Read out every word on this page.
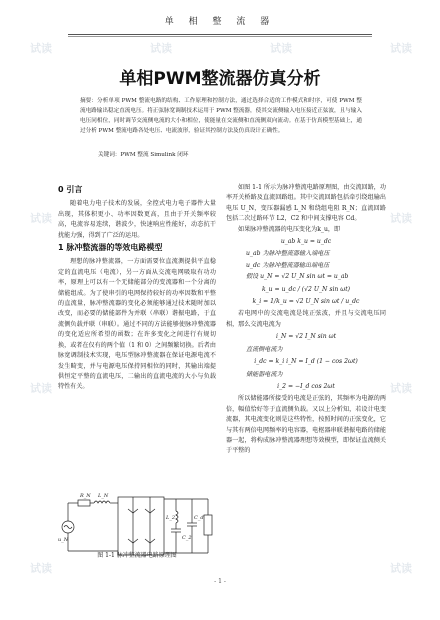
单 相 整 流 器
单相PWM整流器仿真分析
摘要：分析单项 PWM 整流电路的结构、工作原理和控制方法，通过选择合适的工作模式和时序，可使 PWM 整流电路输出稳定直流电压。将正弦脉宽调制技术运用于 PWM 整流器，使其交流侧输入电压接近正弦波，且与输入电压同相位，同时调节交流侧电流的大小和相位，使能量在交流侧和直流侧双向流动。在基于仿真模型基础上，通过分析 PWM 整流电路各处电压、电流波形，验证其控制方法及仿真设计正确性。
关键词：PWM 整流 Simulink 闭环
0 引言

随着电力电子技术的发展，全控式电力电子器件大量出现，其体积更小、功率因数更高，且由于开关频率较高，电流容易连续，谐波少，快速响应性能好，动态抗干扰能力强，得到了广泛的运用。

1 脉冲整流器的等效电路模型

理想的脉冲整流器，一方面需要位直流测提供平直稳定的直流电压（电流），另一方面从交流电网吸取有功功率，原理上可以有一个无储能部分的变流器和一个分离的储能组成。为了使串引的电网保持较好的功率因数和平整的直流量，脉冲整流器的变化必须能够通过技术随时加以改变，而必要的储能部件为并联（串联）谐振电路，于直流侧负载并联（串联）。通过不同的方法能够使脉冲整流器的变化适应所希望的函数；在许多变化之间进行有规切换，或者在仅有的两个值（1 和 0）之间频繁切换。后者由脉宽调制技术实现，电压型脉冲整流器在保证电源电流不发生畸变，并与电源电压保持同相位的同时，其输出端提供恒定平整的直流电压，二输出的直流电流的大小与负载特性有关。

如图 1-1 所示为脉冲整流电路原理图，由交流回路，功率开关桥路及直流回路组。其中交流回路包括牵引绕组输出电压 U_N，变压器漏感 L_N 和绕组电阻 R_N；直流回路包括二次过路环节 L2，C2 和中间支撑电容 Cd。

如果脉冲整流器的电压变化为k_u，即

u_ab k_u = u_dc
u_ab 为脉冲整流器输入端电压
u_dc 为脉冲整流器输出端电压
假设 u_N = √2 U_N sin ωt = u_ab
k_u = u_dc / (√2 U_N sin ωt)
k_i = 1/k_u = √2 U_N sin ωt / u_dc

若电网中的交流电流是纯正弦波，并且与交流电压同相，那么交流电流为

i_N = √2 I_N sin ωt
直流侧电流为
i_dc = k_i i_N = I_d (1 − cos 2ωt)
储能器电流为
i_2 = −I_d cos 2ωt

所以储能器所接受的电流是正弦的，其频率为电源的两倍，幅值恰好等于直流侧负载。又以上分析知，若设计电变流器，其电流变化则是这些特性，按照时间的正弦变化，它与其有两倍电网频率的电容器，电枢器串联谐振电路的储能器一起，将构成脉冲整流器理想等效模型，即保证直流侧关于平整的

R_N L_N
u_N
L_2
C_2
C_d
图 1-1 脉冲整流器电路原理图
- 1 -
试读	试读	试读	试读
试读	试读
试读	试读
试读	试读
